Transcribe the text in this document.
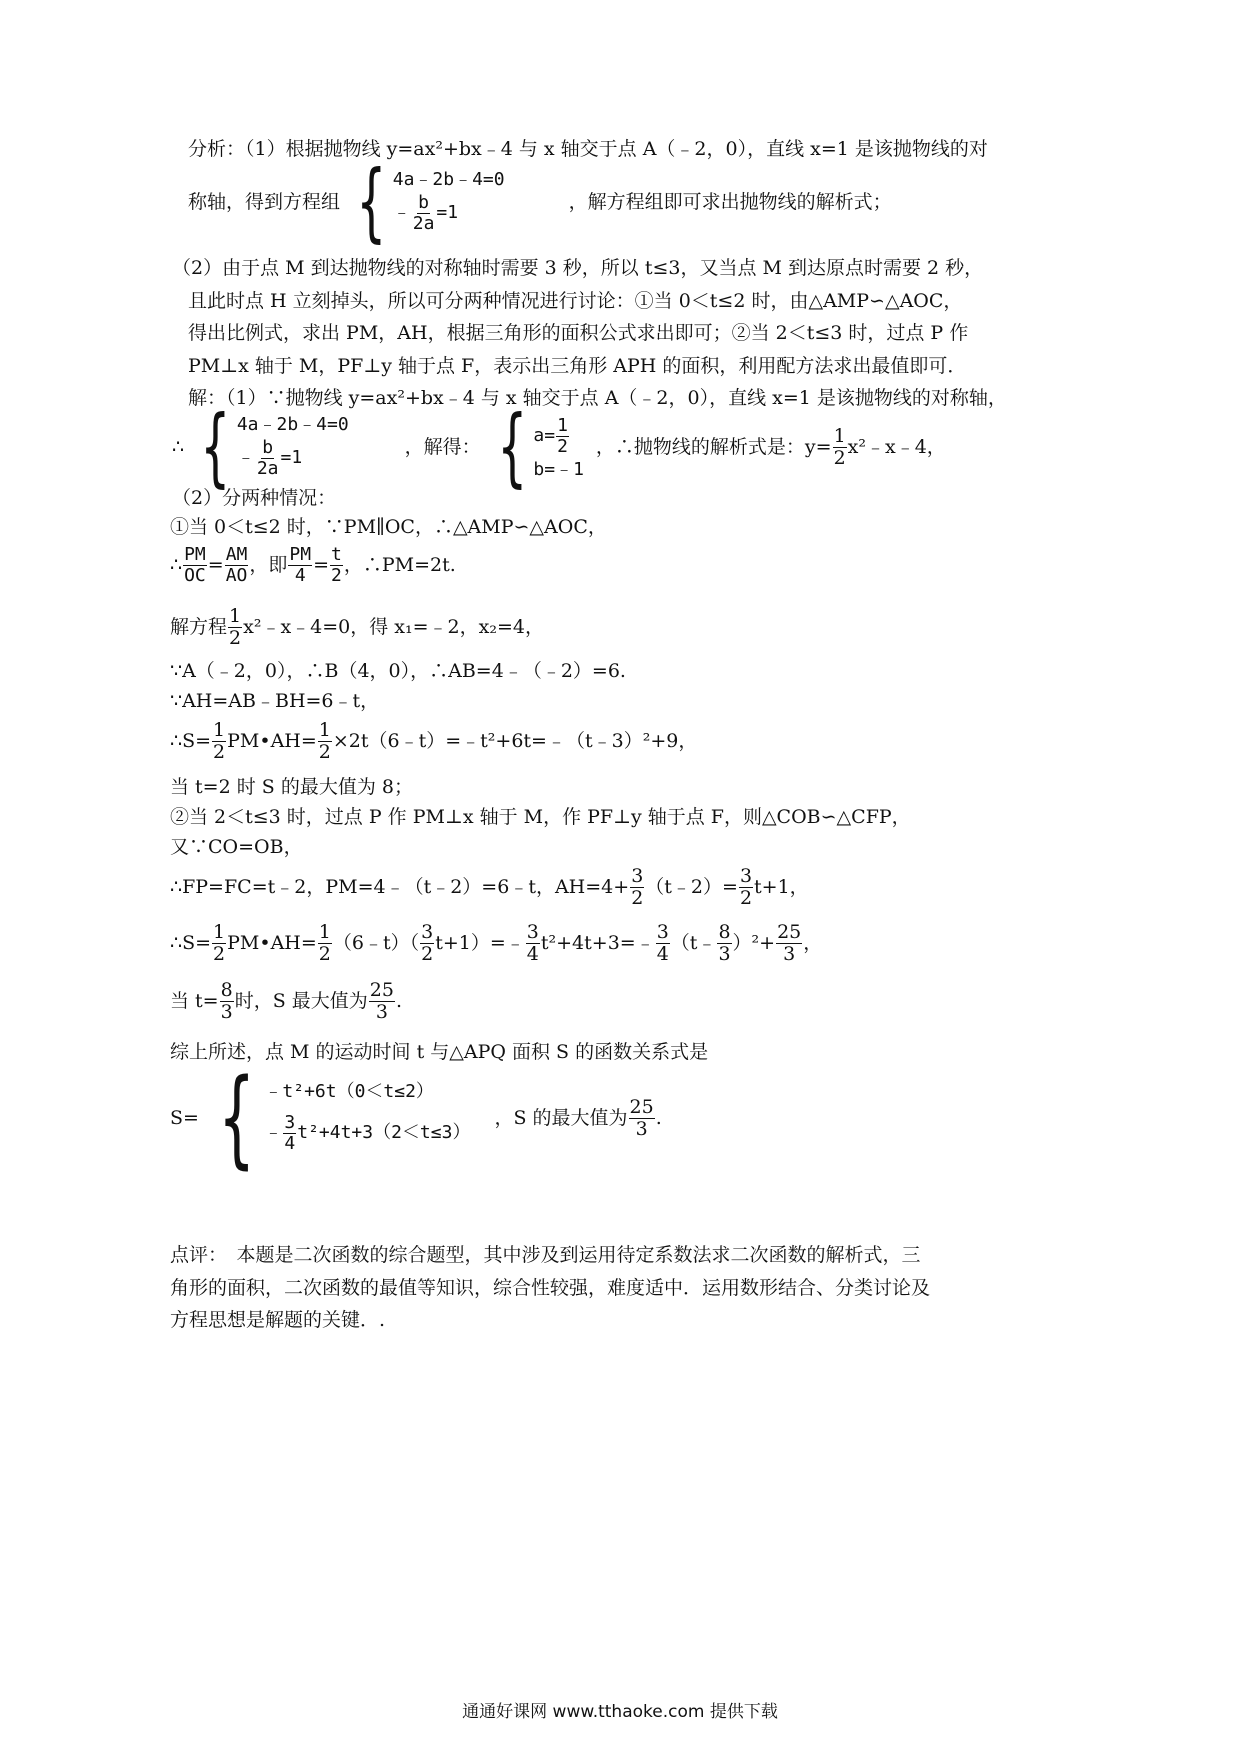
分析：（1）根据抛物线 y=ax²+bx﹣4 与 x 轴交于点 A（﹣2，0），直线 x=1 是该抛物线的对
称轴，得到方程组 { 4a﹣2b﹣4=0
﹣ $\frac{b}{2a} =1$	，解方程组即可求出抛物线的解析式；
（2）由于点 M 到达抛物线的对称轴时需要 3 秒，所以 t≤3，又当点 M 到达原点时需要 2 秒，
且此时点 H 立刻掉头，所以可分两种情况进行讨论：①当 0＜t≤2 时，由△AMP∽△AOC，
得出比例式，求出 PM，AH，根据三角形的面积公式求出即可；②当 2＜t≤3 时，过点 P 作
PM⊥x 轴于 M，PF⊥y 轴于点 F，表示出三角形 APH 的面积，利用配方法求出最值即可．
解：（1）∵抛物线 y=ax²+bx﹣4 与 x 轴交于点 A（﹣2，0），直线 x=1 是该抛物线的对称轴，
∴ { 4a﹣2b﹣4=0
﹣ $\frac{b}{2a} =1$	，解得： { $a= \frac{1}{2}$
b=﹣1
，∴抛物线的解析式是：$y= \frac{1}{2}$ x²﹣x﹣4，
（2）分两种情况：
①当 0＜t≤2 时，∵PM∥OC，∴△AMP∽△AOC，
∴ $\frac{PM}{OC} = \frac{AM}{AO}$ ，即 $\frac{PM}{4} = \frac{t}{2}$ ，∴PM=2t.
解方程 $\frac{1}{2}$ x²﹣x﹣4=0，得 x₁=﹣2，x₂=4，
∵A（﹣2，0），∴B（4，0），∴AB=4﹣（﹣2）=6.
∵AH=AB﹣BH=6﹣t，
∴S= $\frac{1}{2}$ PM•AH= $\frac{1}{2}$ ×2t（6﹣t）=﹣t²+6t=﹣（t﹣3）²+9，
当 t=2 时 S 的最大值为 8；
②当 2＜t≤3 时，过点 P 作 PM⊥x 轴于 M，作 PF⊥y 轴于点 F，则△COB∽△CFP，
又∵CO=OB，
∴FP=FC=t﹣2，PM=4﹣（t﹣2）=6﹣t，$AH=4+ \frac{3}{2}$ （t﹣2）= $\frac{3}{2} t+1$，
∴S= $\frac{1}{2}$ PM•AH= $\frac{1}{2}$ （6﹣t）（ $\frac{3}{2}$ t+1）=﹣ $\frac{3}{4}$ t²+4t+3=﹣ $\frac{3}{4}$ （t﹣ $\frac{8}{3} )^2+ \frac{25}{3}$ ，
当 $t= \frac{8}{3}$ 时，S 最大值为 $\frac{25}{3}$ .
综上所述，点 M 的运动时间 t 与△APQ 面积 S 的函数关系式是
S= { ﹣t²+6t（0＜t≤2）
﹣ $\frac{3}{4} t^2+4t+3(2<t\le 3)$
，S 的最大值为 $\frac{25}{3}$ .
点评：　本题是二次函数的综合题型，其中涉及到运用待定系数法求二次函数的解析式，三
角形的面积，二次函数的最值等知识，综合性较强，难度适中．运用数形结合、分类讨论及
方程思想是解题的关键．.
通通好课网 www.tthaoke.com 提供下载
